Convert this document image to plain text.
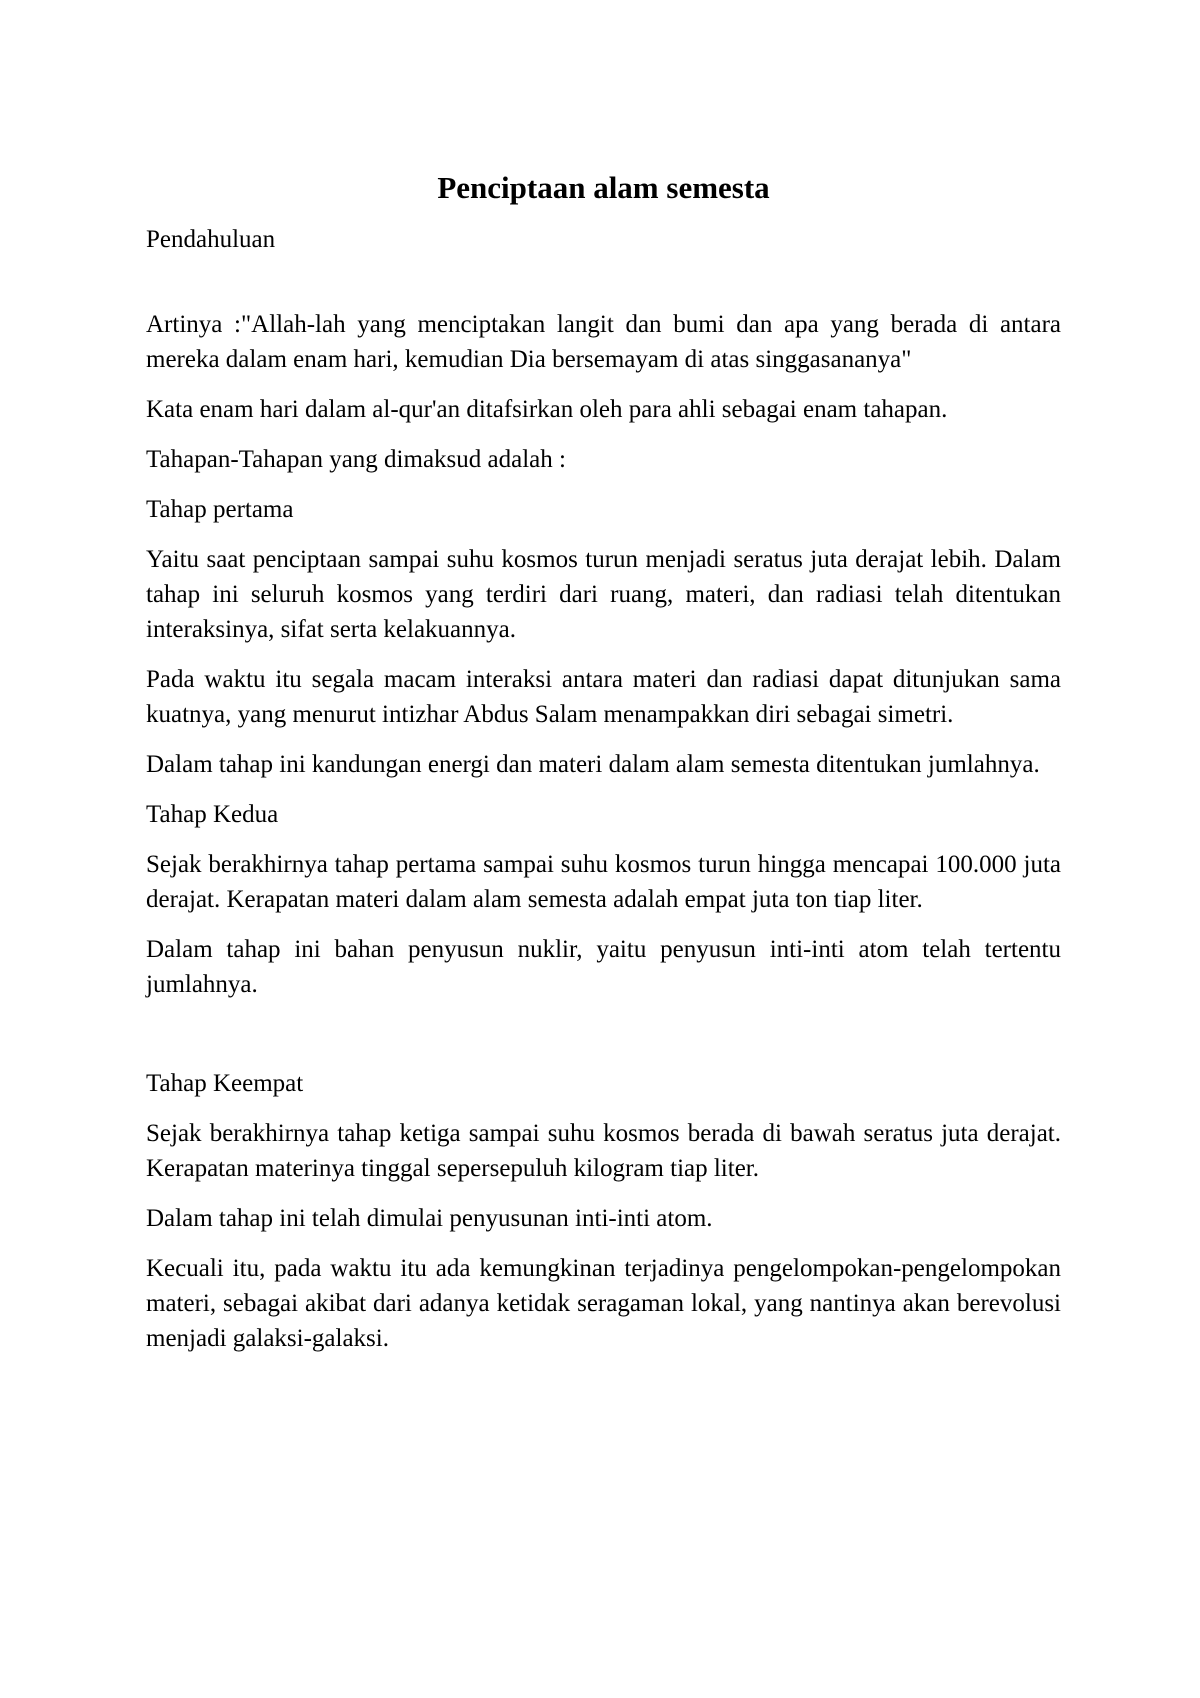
Penciptaan alam semesta
Pendahuluan
Artinya :"Allah-lah yang menciptakan langit dan bumi dan apa yang berada di antara mereka dalam enam hari, kemudian Dia bersemayam di atas singgasananya"
Kata enam hari dalam al-qur'an ditafsirkan oleh para ahli sebagai enam tahapan.
Tahapan-Tahapan yang dimaksud adalah :
Tahap pertama
Yaitu saat penciptaan sampai suhu kosmos turun menjadi seratus juta derajat lebih. Dalam tahap ini seluruh kosmos yang terdiri dari ruang, materi, dan radiasi telah ditentukan interaksinya, sifat serta kelakuannya.
Pada waktu itu segala macam interaksi antara materi dan radiasi dapat ditunjukan sama kuatnya, yang menurut intizhar Abdus Salam menampakkan diri sebagai simetri.
Dalam tahap ini kandungan energi dan materi dalam alam semesta ditentukan jumlahnya.
Tahap Kedua
Sejak berakhirnya tahap pertama sampai suhu kosmos turun hingga mencapai 100.000 juta derajat. Kerapatan materi dalam alam semesta adalah empat juta ton tiap liter.
Dalam tahap ini bahan penyusun nuklir, yaitu penyusun inti-inti atom telah tertentu jumlahnya.
Tahap Keempat
Sejak berakhirnya tahap ketiga sampai suhu kosmos berada di bawah seratus juta derajat. Kerapatan materinya tinggal sepersepuluh kilogram tiap liter.
Dalam tahap ini telah dimulai penyusunan inti-inti atom.
Kecuali itu, pada waktu itu ada kemungkinan terjadinya pengelompokan-pengelompokan materi, sebagai akibat dari adanya ketidak seragaman lokal, yang nantinya akan berevolusi menjadi galaksi-galaksi.
